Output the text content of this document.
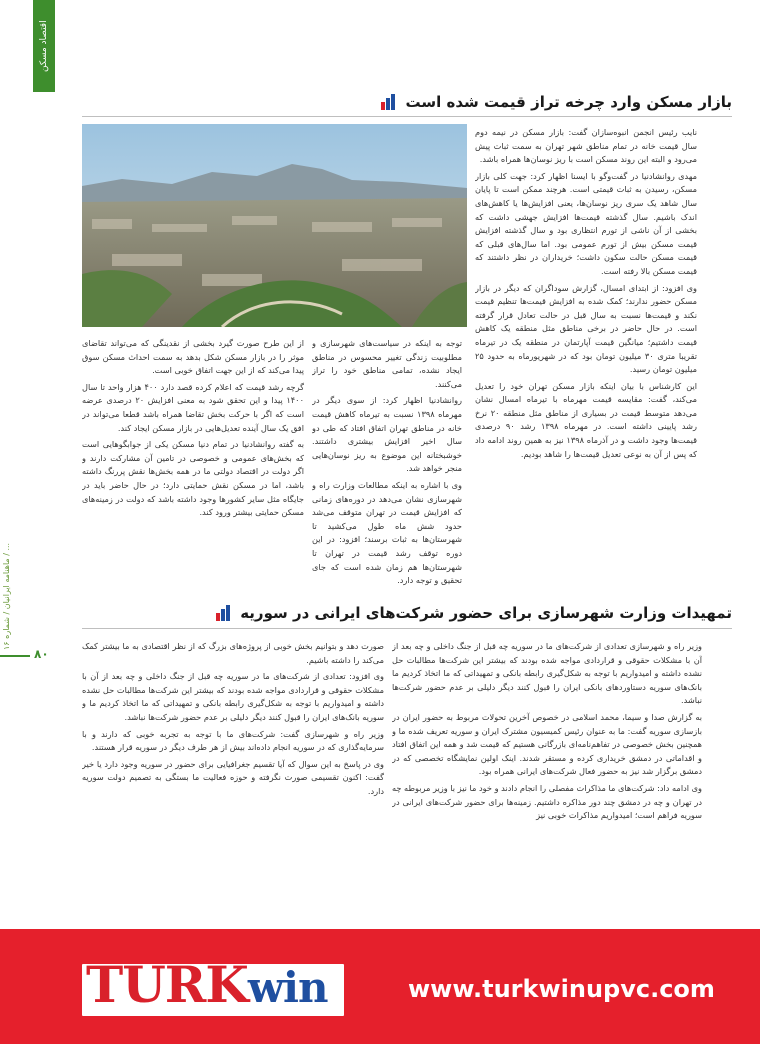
اقتصاد مسکن
ماهنامه ایرانیان / شماره ۱۶ / ...
۸۰
بازار مسکن وارد چرخه تراز قیمت شده است

نایب رئیس انجمن انبوه‌سازان گفت: بازار مسکن در نیمه دوم سال قیمت خانه در تمام مناطق شهر تهران به سمت ثبات پیش می‌رود و البته این روند مسکن است با ریز نوسان‌ها همراه باشد.

مهدی روانشادنیا در گفت‌وگو با ایسنا اظهار کرد: جهت کلی بازار مسکن، رسیدن به ثبات قیمتی است. هرچند ممکن است تا پایان سال شاهد یک سری ریز نوسان‌ها، یعنی افزایش‌ها یا کاهش‌های اندک باشیم. سال گذشته قیمت‌ها افزایش جهشی داشت که بخشی از آن ناشی از تورم انتظاری بود و سال گذشته افزایش قیمت مسکن بیش از تورم عمومی بود. اما سال‌های قبلی که قیمت مسکن حالت سکون داشت؛ خریداران در نظر داشتند که قیمت مسکن بالا رفته است.

وی افزود: از ابتدای امسال، گزارش سوداگران که دیگر در بازار مسکن حضور ندارند؛ کمک شده به افزایش قیمت‌ها تنظیم قیمت نکند و قیمت‌ها نسبت به سال قبل در حالت تعادل قرار گرفته است. در حال حاضر در برخی مناطق مثل منطقه یک کاهش قیمت داشتیم؛ میانگین قیمت آپارتمان در منطقه یک در تیرماه تقریبا متری ۳۰ میلیون تومان بود که در شهریورماه به حدود ۲۵ میلیون تومان رسید.

این کارشناس با بیان اینکه بازار مسکن تهران خود را تعدیل می‌کند، گفت: مقایسه قیمت مهرماه با تیرماه امسال نشان می‌دهد متوسط قیمت در بسیاری از مناطق مثل منطقه ۲۰ نرخ رشد پایینی داشته است. در مهرماه ۱۳۹۸ رشد ۹۰ درصدی قیمت‌ها وجود داشت و در آذرماه ۱۳۹۸ نیز به همین روند ادامه داد که پس از آن به نوعی تعدیل قیمت‌ها را شاهد بودیم.

توجه به اینکه در سیاست‌های شهرسازی و مطلوبیت زندگی تغییر محسوس در مناطق ایجاد نشده، تمامی مناطق خود را تراز می‌کنند.

روانشادنیا اظهار کرد: از سوی دیگر در مهرماه ۱۳۹۸ نسبت به تیرماه کاهش قیمت خانه در مناطق تهران اتفاق افتاد که طی دو سال اخیر افزایش بیشتری داشتند. خوشبختانه این موضوع به ریز نوسان‌هایی منجر خواهد شد.

وی با اشاره به اینکه مطالعات وزارت راه و شهرسازی نشان می‌دهد در دوره‌های زمانی که افزایش قیمت در تهران متوقف می‌شد حدود شش ماه طول می‌کشید تا شهرستان‌ها به ثبات برسند؛ افزود: در این دوره توقف رشد قیمت در تهران تا شهرستان‌ها هم زمان شده است که جای تحقیق و توجه دارد.

از این طرح صورت گیرد بخشی از نقدینگی که می‌تواند تقاضای موثر را در بازار مسکن شکل بدهد به سمت احداث مسکن سوق پیدا می‌کند که از این جهت اتفاق خوبی است.

گرچه رشد قیمت که اعلام کرده قصد دارد ۴۰۰ هزار واحد تا سال ۱۴۰۰ پیدا و این تحقق شود به معنی افزایش ۲۰ درصدی عرضه است که اگر با حرکت بخش تقاضا همراه باشد قطعا می‌تواند در افق یک سال آینده تعدیل‌هایی در بازار مسکن ایجاد کند.

به گفته روانشادنیا در تمام دنیا مسکن یکی از جوابگوهایی است که بخش‌های عمومی و خصوصی در تامین آن مشارکت دارند و اگر دولت در اقتصاد دولتی ما در همه بخش‌ها نقش پررنگ داشته باشد، اما در مسکن نقش حمایتی دارد؛ در حال حاضر باید در جایگاه مثل سایر کشورها وجود داشته باشد که دولت در زمینه‌های مسکن حمایتی بیشتر ورود کند.

تمهیدات وزارت شهرسازی برای حضور شرکت‌های ایرانی در سوریه

وزیر راه و شهرسازی تعدادی از شرکت‌های ما در سوریه چه قبل از جنگ داخلی و چه بعد از آن با مشکلات حقوقی و قراردادی مواجه شده بودند که بیشتر این شرکت‌ها مطالبات حل نشده داشته و امیدواریم با توجه به شکل‌گیری رابطه بانکی و تمهیداتی که ما اتخاذ کردیم ما بانک‌های سوریه دستاوردهای بانکی ایران را قبول کنند دیگر دلیلی بر عدم حضور شرکت‌ها نباشد.

به گزارش صدا و سیما، محمد اسلامی در خصوص آخرین تحولات مربوط به حضور ایران در بازسازی سوریه گفت: ما به عنوان رئیس کمیسیون مشترک ایران و سوریه تعریف شده ما و همچنین بخش خصوصی در تفاهم‌نامه‌ای بازرگانی هستیم که قیمت شد و همه این اتفاق افتاد و اقداماتی در دمشق خریداری کرده و مستقر شدند. اینک اولین نمایشگاه تخصصی که در دمشق برگزار شد نیز به حضور فعال شرکت‌های ایرانی همراه بود.

وی ادامه داد: شرکت‌های ما مذاکرات مفصلی را انجام دادند و خود ما نیز با وزیر مربوطه چه در تهران و چه در دمشق چند دور مذاکره داشتیم. زمینه‌ها برای حضور شرکت‌های ایرانی در سوریه فراهم است؛ امیدواریم مذاکرات خوبی نیز

صورت دهد و بتوانیم بخش خوبی از پروژه‌های بزرگ که از نظر اقتصادی به ما بیشتر کمک می‌کند را داشته باشیم.

وی افزود: تعدادی از شرکت‌های ما در سوریه چه قبل از جنگ داخلی و چه بعد از آن با مشکلات حقوقی و قراردادی مواجه شده بودند که بیشتر این شرکت‌ها مطالبات حل نشده داشته و امیدواریم با توجه به شکل‌گیری رابطه بانکی و تمهیداتی که ما اتخاذ کردیم ما و سوریه بانک‌های ایران را قبول کنند دیگر دلیلی بر عدم حضور شرکت‌ها نباشد.

وزیر راه و شهرسازی گفت: شرکت‌های ما با توجه به تجربه خوبی که دارند و با سرمایه‌گذاری که در سوریه انجام داده‌اند بیش از هر طرف دیگر در سوریه قرار هستند.

وی در پاسخ به این سوال که آیا تقسیم جغرافیایی برای حضور در سوریه وجود دارد یا خیر گفت: اکنون تقسیمی صورت نگرفته و حوزه فعالیت ما بستگی به تصمیم دولت سوریه دارد.

TURKwin	www.turkwinupvc.com
